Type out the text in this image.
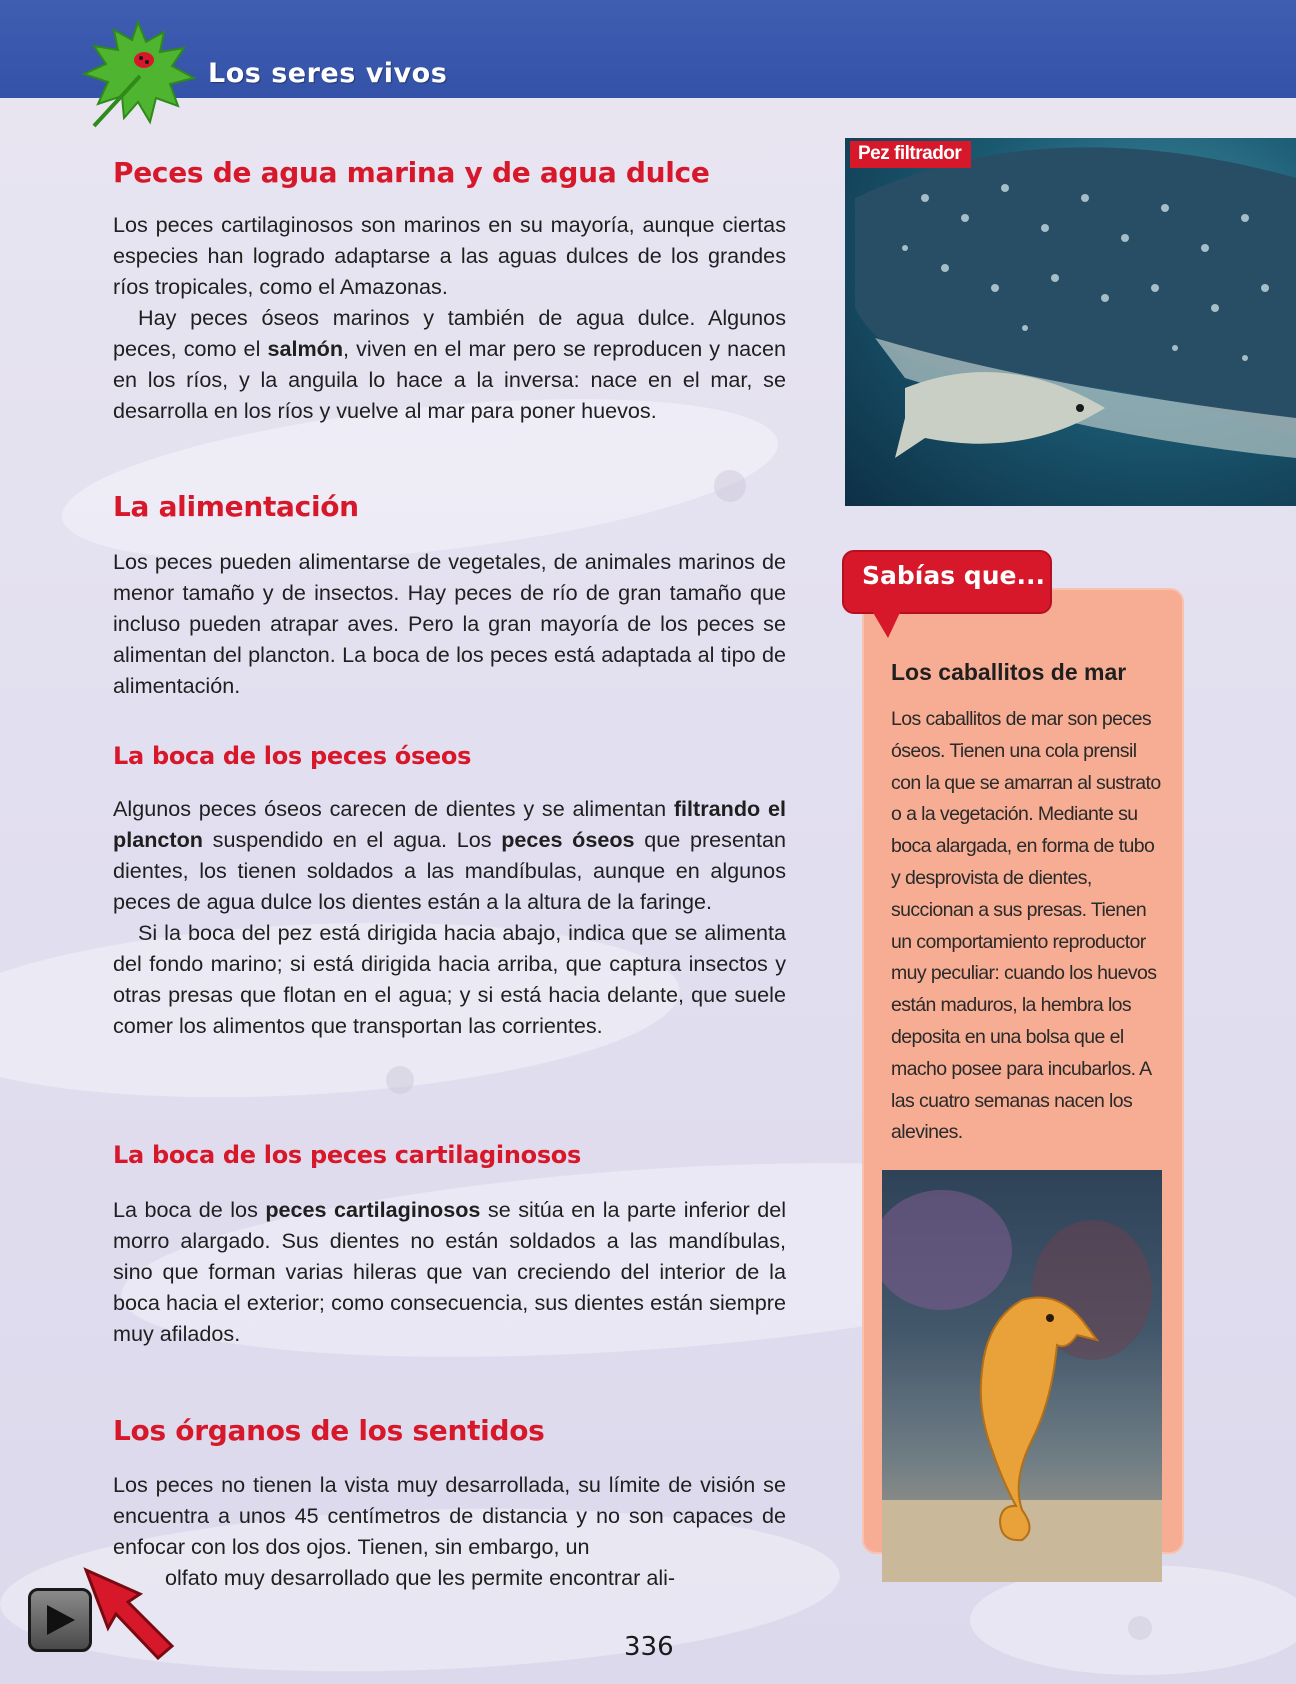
Los seres vivos
Peces de agua marina y de agua dulce

Los peces cartilaginosos son marinos en su mayoría, aunque ciertas especies han logrado adaptarse a las aguas dulces de los grandes ríos tropicales, como el Amazonas.

Hay peces óseos marinos y también de agua dulce. Algunos peces, como el salmón, viven en el mar pero se reproducen y nacen en los ríos, y la anguila lo hace a la inversa: nace en el mar, se desarrolla en los ríos y vuelve al mar para poner huevos.

La alimentación

Los peces pueden alimentarse de vegetales, de animales marinos de menor tamaño y de insectos. Hay peces de río de gran tamaño que incluso pueden atrapar aves. Pero la gran mayoría de los peces se alimentan del plancton. La boca de los peces está adaptada al tipo de alimentación.

La boca de los peces óseos

Algunos peces óseos carecen de dientes y se alimentan filtrando el plancton suspendido en el agua. Los peces óseos que presentan dientes, los tienen soldados a las mandíbulas, aunque en algunos peces de agua dulce los dientes están a la altura de la faringe.

Si la boca del pez está dirigida hacia abajo, indica que se alimenta del fondo marino; si está dirigida hacia arriba, que captura insectos y otras presas que flotan en el agua; y si está hacia delante, que suele comer los alimentos que transportan las corrientes.

La boca de los peces cartilaginosos

La boca de los peces cartilaginosos se sitúa en la parte inferior del morro alargado. Sus dientes no están soldados a las mandíbulas, sino que forman varias hileras que van creciendo del interior de la boca hacia el exterior; como consecuencia, sus dientes están siempre muy afilados.

Los órganos de los sentidos

Los peces no tienen la vista muy desarrollada, su límite de visión se encuentra a unos 45 centímetros de distancia y no son capaces de enfocar con los dos ojos. Tienen, sin embargo, un

olfato muy desarrollado que les permite encontrar ali-

Pez filtrador
Sabías que...
Los caballitos de mar
Los caballitos de mar son peces óseos. Tienen una cola prensil con la que se amarran al sustrato o a la vegetación. Mediante su boca alargada, en forma de tubo y desprovista de dientes, succionan a sus presas. Tienen un comportamiento reproductor muy peculiar: cuando los huevos están maduros, la hembra los deposita en una bolsa que el macho posee para incubarlos. A las cuatro semanas nacen los alevines.
336
